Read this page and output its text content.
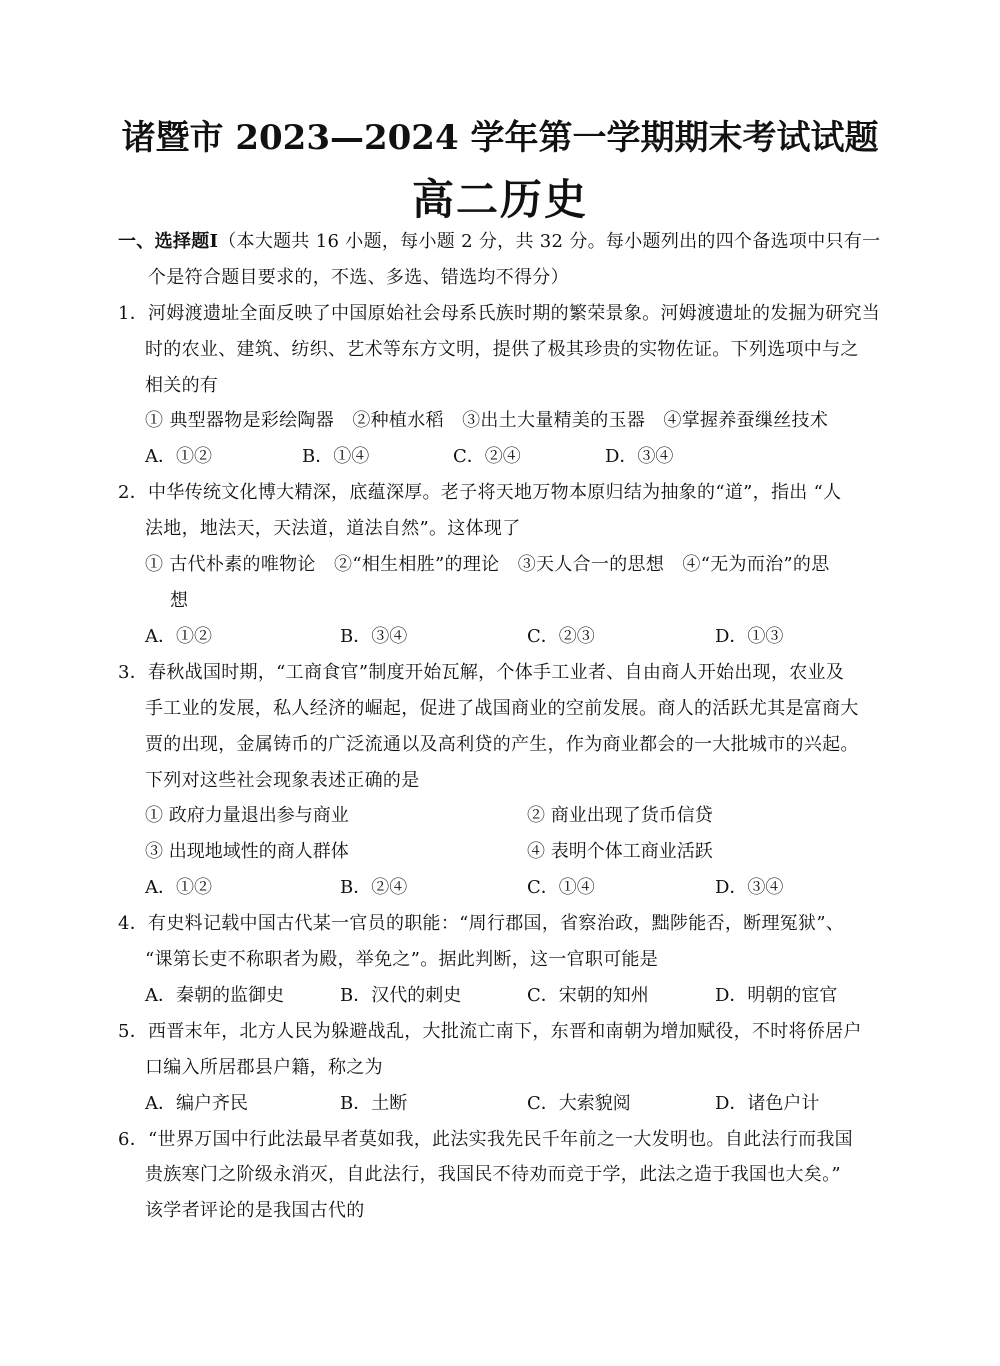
诸暨市 2023—2024 学年第一学期期末考试试题
高二历史
一、选择题Ⅰ（本大题共 16 小题，每小题 2 分，共 32 分。每小题列出的四个备选项中只有一
个是符合题目要求的，不选、多选、错选均不得分）
1．河姆渡遗址全面反映了中国原始社会母系氏族时期的繁荣景象。河姆渡遗址的发掘为研究当
时的农业、建筑、纺织、艺术等东方文明，提供了极其珍贵的实物佐证。下列选项中与之
相关的有
① 典型器物是彩绘陶器　②种植水稻　③出土大量精美的玉器　④掌握养蚕缫丝技术
A．①②	B．①④	C．②④	D．③④
2．中华传统文化博大精深，底蕴深厚。老子将天地万物本原归结为抽象的“道”，指出 “人
法地，地法天，天法道，道法自然”。这体现了
① 古代朴素的唯物论　②“相生相胜”的理论　③天人合一的思想　④“无为而治”的思
想
A．①②	B．③④	C．②③	D．①③
3．春秋战国时期，“工商食官”制度开始瓦解，个体手工业者、自由商人开始出现，农业及
手工业的发展，私人经济的崛起，促进了战国商业的空前发展。商人的活跃尤其是富商大
贾的出现，金属铸币的广泛流通以及高利贷的产生，作为商业都会的一大批城市的兴起。
下列对这些社会现象表述正确的是
① 政府力量退出参与商业	② 商业出现了货币信贷
③ 出现地域性的商人群体	④ 表明个体工商业活跃
A．①②	B．②④	C．①④	D．③④
4．有史料记载中国古代某一官员的职能：“周行郡国，省察治政，黜陟能否，断理冤狱”、
“课第长吏不称职者为殿，举免之”。据此判断，这一官职可能是
A．秦朝的监御史	B．汉代的刺史	C．宋朝的知州	D．明朝的宦官
5．西晋末年，北方人民为躲避战乱，大批流亡南下，东晋和南朝为增加赋役，不时将侨居户
口编入所居郡县户籍，称之为
A．编户齐民	B．土断	C．大索貌阅	D．诸色户计
6．“世界万国中行此法最早者莫如我，此法实我先民千年前之一大发明也。自此法行而我国
贵族寒门之阶级永消灭，自此法行，我国民不待劝而竞于学，此法之造于我国也大矣。”
该学者评论的是我国古代的
